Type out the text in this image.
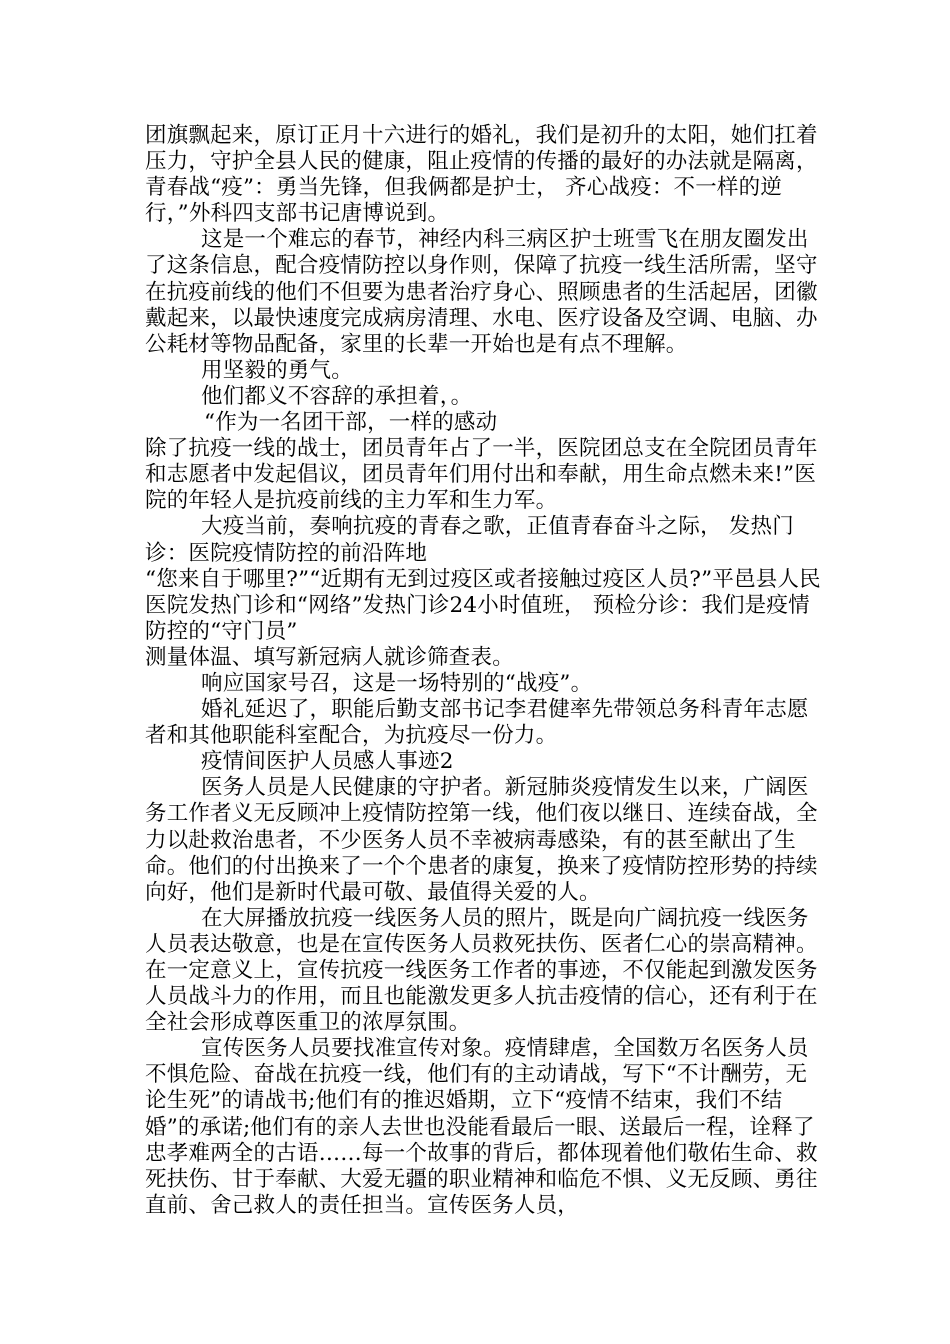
团旗飘起来，原订正月十六进行的婚礼，我们是初升的太阳，她们扛着压力，守护全县人民的健康，阻止疫情的传播的最好的办法就是隔离，

青春战“疫”：勇当先锋，但我俩都是护士， 齐心战疫：不一样的逆行，”外科四支部书记唐博说到。

这是一个难忘的春节，神经内科三病区护士班雪飞在朋友圈发出了这条信息，配合疫情防控以身作则，保障了抗疫一线生活所需，坚守在抗疫前线的他们不但要为患者治疗身心、照顾患者的生活起居，团徽戴起来，以最快速度完成病房清理、水电、医疗设备及空调、电脑、办公耗材等物品配备，家里的长辈一开始也是有点不理解。

用坚毅的勇气。

他们都义不容辞的承担着，。

“作为一名团干部，一样的感动

除了抗疫一线的战士，团员青年占了一半，医院团总支在全院团员青年和志愿者中发起倡议，团员青年们用付出和奉献，用生命点燃未来!”医院的年轻人是抗疫前线的主力军和生力军。

大疫当前，奏响抗疫的青春之歌，正值青春奋斗之际， 发热门诊：医院疫情防控的前沿阵地

“您来自于哪里?”“近期有无到过疫区或者接触过疫区人员?”平邑县人民医院发热门诊和“网络”发热门诊24小时值班， 预检分诊：我们是疫情防控的“守门员”

测量体温、填写新冠病人就诊筛查表。

响应国家号召，这是一场特别的“战疫”。

婚礼延迟了，职能后勤支部书记李君健率先带领总务科青年志愿者和其他职能科室配合，为抗疫尽一份力。

疫情间医护人员感人事迹2

医务人员是人民健康的守护者。新冠肺炎疫情发生以来，广阔医务工作者义无反顾冲上疫情防控第一线，他们夜以继日、连续奋战，全力以赴救治患者，不少医务人员不幸被病毒感染，有的甚至献出了生命。他们的付出换来了一个个患者的康复，换来了疫情防控形势的持续向好，他们是新时代最可敬、最值得关爱的人。

在大屏播放抗疫一线医务人员的照片，既是向广阔抗疫一线医务人员表达敬意，也是在宣传医务人员救死扶伤、医者仁心的崇高精神。在一定意义上，宣传抗疫一线医务工作者的事迹，不仅能起到激发医务人员战斗力的作用，而且也能激发更多人抗击疫情的信心，还有利于在全社会形成尊医重卫的浓厚氛围。

宣传医务人员要找准宣传对象。疫情肆虐，全国数万名医务人员不惧危险、奋战在抗疫一线，他们有的主动请战，写下“不计酬劳，无论生死”的请战书;他们有的推迟婚期，立下“疫情不结束，我们不结婚”的承诺;他们有的亲人去世也没能看最后一眼、送最后一程，诠释了忠孝难两全的古语……每一个故事的背后，都体现着他们敬佑生命、救死扶伤、甘于奉献、大爱无疆的职业精神和临危不惧、义无反顾、勇往直前、舍己救人的责任担当。宣传医务人员，
